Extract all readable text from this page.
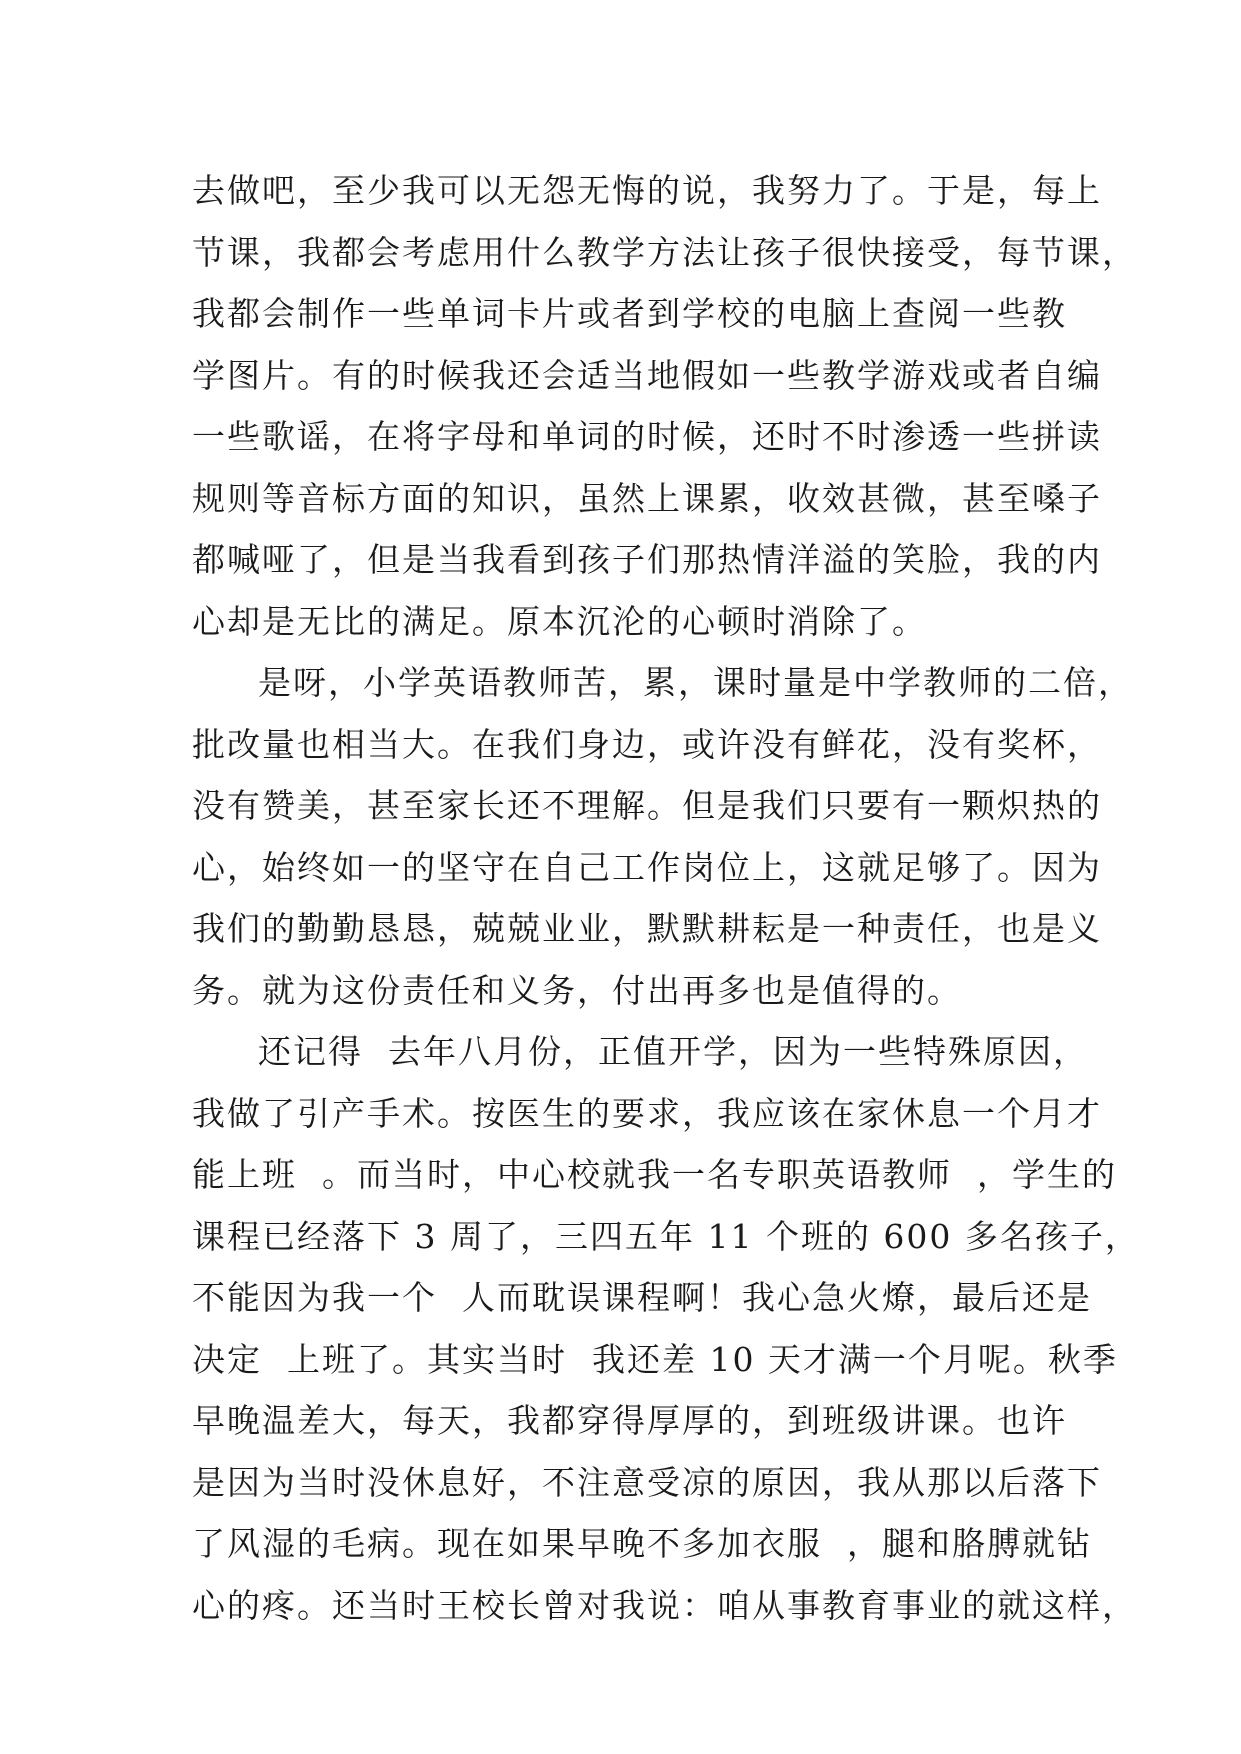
去做吧，至少我可以无怨无悔的说，我努力了。于是，每上
节课，我都会考虑用什么教学方法让孩子很快接受，每节课，
我都会制作一些单词卡片或者到学校的电脑上查阅一些教
学图片。有的时候我还会适当地假如一些教学游戏或者自编
一些歌谣，在将字母和单词的时候，还时不时渗透一些拼读
规则等音标方面的知识，虽然上课累，收效甚微，甚至嗓子
都喊哑了，但是当我看到孩子们那热情洋溢的笑脸，我的内
心却是无比的满足。原本沉沦的心顿时消除了。
是呀，小学英语教师苦，累，课时量是中学教师的二倍，
批改量也相当大。在我们身边，或许没有鲜花，没有奖杯，
没有赞美，甚至家长还不理解。但是我们只要有一颗炽热的
心，始终如一的坚守在自己工作岗位上，这就足够了。因为
我们的勤勤恳恳，兢兢业业，默默耕耘是一种责任，也是义
务。就为这份责任和义务，付出再多也是值得的。
还记得  去年八月份，正值开学，因为一些特殊原因，
我做了引产手术。按医生的要求，我应该在家休息一个月才
能上班  。而当时，中心校就我一名专职英语教师  ，学生的
课程已经落下 3 周了，三四五年 11 个班的 600 多名孩子，
不能因为我一个  人而耽误课程啊！我心急火燎，最后还是
决定  上班了。其实当时  我还差 10 天才满一个月呢。秋季
早晚温差大，每天，我都穿得厚厚的，到班级讲课。也许
是因为当时没休息好，不注意受凉的原因，我从那以后落下
了风湿的毛病。现在如果早晚不多加衣服  ，腿和胳膊就钻
心的疼。还当时王校长曾对我说：咱从事教育事业的就这样，
